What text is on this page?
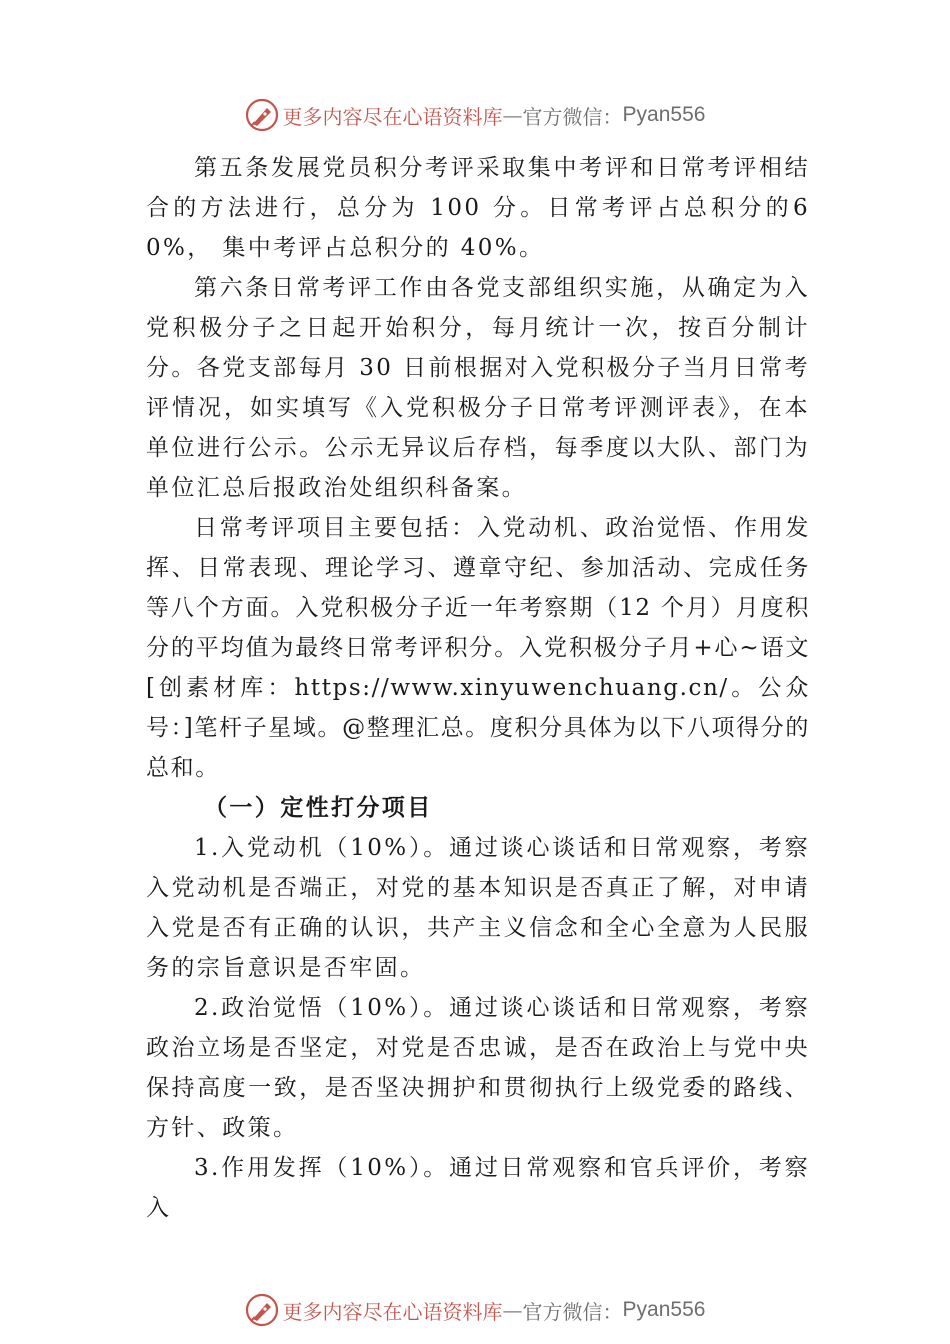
更多内容尽在心语资料库 — 官方微信： Pyan556

第五条发展党员积分考评采取集中考评和日常考评相结合的方法进行，总分为 100 分。日常考评占总积分的60%， 集中考评占总积分的 40%。

第六条日常考评工作由各党支部组织实施，从确定为入党积极分子之日起开始积分，每月统计一次，按百分制计分。各党支部每月 30 日前根据对入党积极分子当月日常考评情况，如实填写《入党积极分子日常考评测评表》，在本单位进行公示。公示无异议后存档，每季度以大队、部门为单位汇总后报政治处组织科备案。

日常考评项目主要包括：入党动机、政治觉悟、作用发挥、日常表现、理论学习、遵章守纪、参加活动、完成任务等八个方面。入党积极分子近一年考察期（12 个月）月度积分的平均值为最终日常考评积分。入党积极分子月+心~语文[创素材库：https://www.xinyuwenchuang.cn/。公众号：]笔杆子星域。@整理汇总。度积分具体为以下八项得分的总和。

（一）定性打分项目

1.入党动机（10%）。通过谈心谈话和日常观察，考察入党动机是否端正，对党的基本知识是否真正了解，对申请入党是否有正确的认识，共产主义信念和全心全意为人民服务的宗旨意识是否牢固。

2.政治觉悟（10%）。通过谈心谈话和日常观察，考察政治立场是否坚定，对党是否忠诚，是否在政治上与党中央保持高度一致，是否坚决拥护和贯彻执行上级党委的路线、方针、政策。

3.作用发挥（10%）。通过日常观察和官兵评价，考察入

更多内容尽在心语资料库 — 官方微信： Pyan556
